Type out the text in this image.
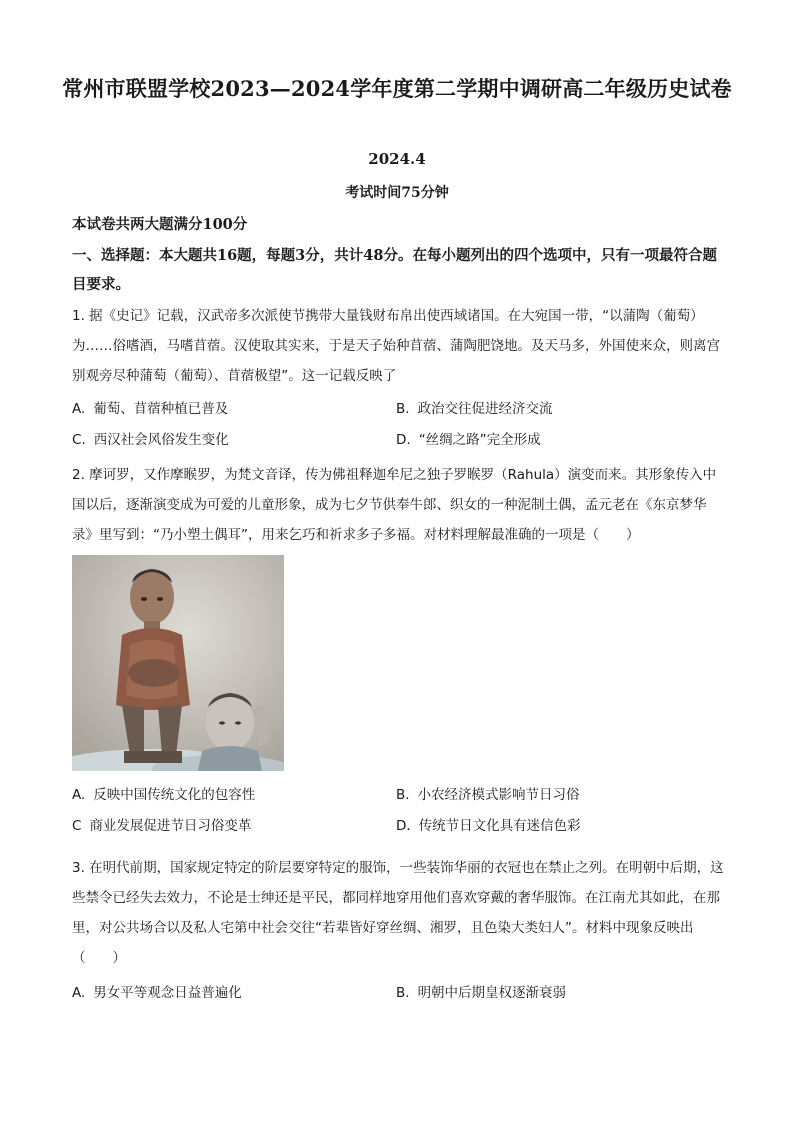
常州市联盟学校2023—2024学年度第二学期中调研高二年级历史试卷
2024.4
考试时间75分钟
本试卷共两大题满分100分
一、选择题：本大题共16题，每题3分，共计48分。在每小题列出的四个选项中，只有一项最符合题目要求。
1. 据《史记》记载，汉武帝多次派使节携带大量钱财布帛出使西域诸国。在大宛国一带，“以蒲陶（葡萄）为……俗嗜酒，马嗜苜蓿。汉使取其实来，于是天子始种苜蓿、蒲陶肥饶地。及天马多，外国使来众，则离宫别观旁尽种蒲萄（葡萄）、苜蓿极望”。这一记载反映了
A. 葡萄、苜蓿种植已普及	B. 政治交往促进经济交流
C. 西汉社会风俗发生变化	D. “丝绸之路”完全形成
2. 摩诃罗，又作摩睺罗，为梵文音译，传为佛祖释迦牟尼之独子罗睺罗（Rahula）演变而来。其形象传入中国以后，逐渐演变成为可爱的儿童形象，成为七夕节供奉牛郎、织女的一种泥制土偶，孟元老在《东京梦华录》里写到：“乃小塑土偶耳”，用来乞巧和祈求多子多福。对材料理解最准确的一项是（　　）
A. 反映中国传统文化的包容性	B. 小农经济模式影响节日习俗
C 商业发展促进节日习俗变革	D. 传统节日文化具有迷信色彩
3. 在明代前期，国家规定特定的阶层要穿特定的服饰，一些装饰华丽的衣冠也在禁止之列。在明朝中后期，这些禁令已经失去效力，不论是士绅还是平民，都同样地穿用他们喜欢穿戴的奢华服饰。在江南尤其如此，在那里，对公共场合以及私人宅第中社会交往“若辈皆好穿丝绸、湘罗，且色染大类妇人”。材料中现象反映出（　　）
A. 男女平等观念日益普遍化	B. 明朝中后期皇权逐渐衰弱
